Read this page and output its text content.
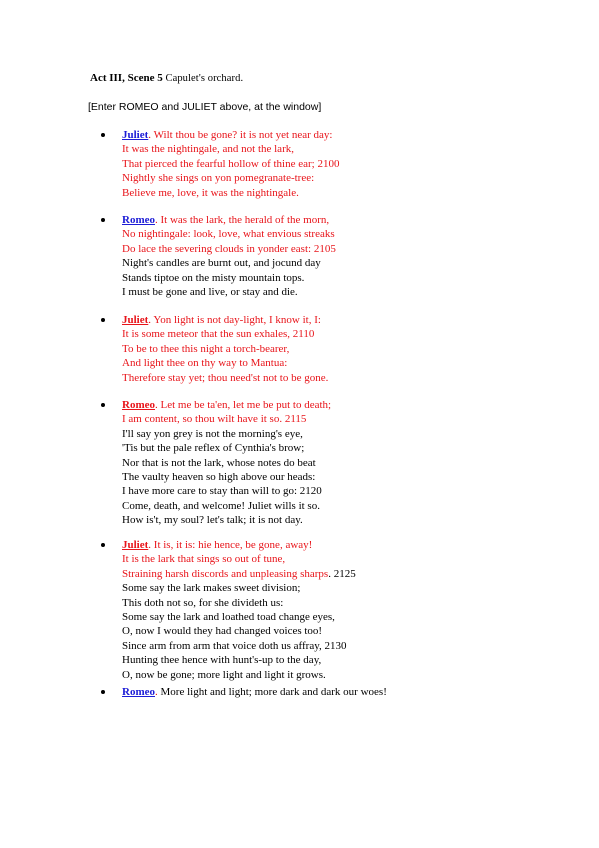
Act III, Scene 5 Capulet's orchard.
[Enter ROMEO and JULIET above, at the window]
Juliet. Wilt thou be gone? it is not yet near day:
It was the nightingale, and not the lark,
That pierced the fearful hollow of thine ear; 2100
Nightly she sings on yon pomegranate-tree:
Believe me, love, it was the nightingale.
Romeo. It was the lark, the herald of the morn,
No nightingale: look, love, what envious streaks
Do lace the severing clouds in yonder east: 2105
Night's candles are burnt out, and jocund day
Stands tiptoe on the misty mountain tops.
I must be gone and live, or stay and die.
Juliet. Yon light is not day-light, I know it, I:
It is some meteor that the sun exhales, 2110
To be to thee this night a torch-bearer,
And light thee on thy way to Mantua:
Therefore stay yet; thou need'st not to be gone.
Romeo. Let me be ta'en, let me be put to death;
I am content, so thou wilt have it so. 2115
I'll say yon grey is not the morning's eye,
'Tis but the pale reflex of Cynthia's brow;
Nor that is not the lark, whose notes do beat
The vaulty heaven so high above our heads:
I have more care to stay than will to go: 2120
Come, death, and welcome! Juliet wills it so.
How is't, my soul? let's talk; it is not day.
Juliet. It is, it is: hie hence, be gone, away!
It is the lark that sings so out of tune,
Straining harsh discords and unpleasing sharps. 2125
Some say the lark makes sweet division;
This doth not so, for she divideth us:
Some say the lark and loathed toad change eyes,
O, now I would they had changed voices too!
Since arm from arm that voice doth us affray, 2130
Hunting thee hence with hunt's-up to the day,
O, now be gone; more light and light it grows.
Romeo. More light and light; more dark and dark our woes!
